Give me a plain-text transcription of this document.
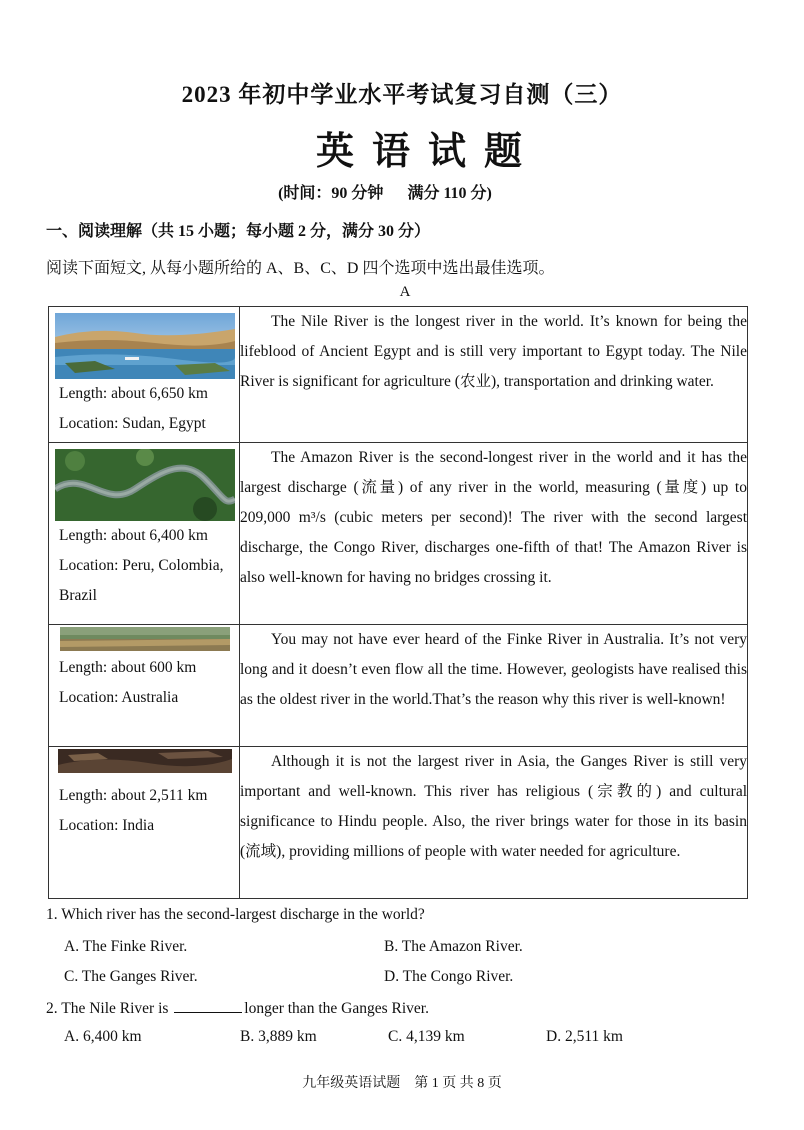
2023 年初中学业水平考试复习自测（三）
英语试题
(时间：90 分钟 满分 110 分)
一、阅读理解（共 15 小题；每小题 2 分，满分 30 分）
阅读下面短文, 从每小题所给的 A、B、C、D 四个选项中选出最佳选项。
A
Length: about 6,650 km
Location: Sudan, Egypt	The Nile River is the longest river in the world. It’s known for being the lifeblood of Ancient Egypt and is still very important to Egypt today. The Nile River is significant for agriculture (农业), transportation and drinking water.

Length: about 6,400 km
Location: Peru, Colombia, Brazil	The Amazon River is the second-longest river in the world and it has the largest discharge (流量) of any river in the world, measuring (量度) up to 209,000 m³/s (cubic meters per second)! The river with the second largest discharge, the Congo River, discharges one-fifth of that! The Amazon River is also well-known for having no bridges crossing it.

Length: about 600 km
Location: Australia	You may not have ever heard of the Finke River in Australia. It’s not very long and it doesn’t even flow all the time. However, geologists have realised this as the oldest river in the world.That’s the reason why this river is well-known!

Length: about 2,511 km
Location: India	Although it is not the largest river in Asia, the Ganges River is still very important and well-known. This river has religious (宗教的) and cultural significance to Hindu people. Also, the river brings water for those in its basin (流域), providing millions of people with water needed for agriculture.

1. Which river has the second-largest discharge in the world?
A. The Finke River.	B. The Amazon River.
C. The Ganges River.	D. The Congo River.
2. The Nile River is	longer than the Ganges River.
A. 6,400 km	B. 3,889 km	C. 4,139 km	D. 2,511 km
九年级英语试题　第 1 页 共 8 页
